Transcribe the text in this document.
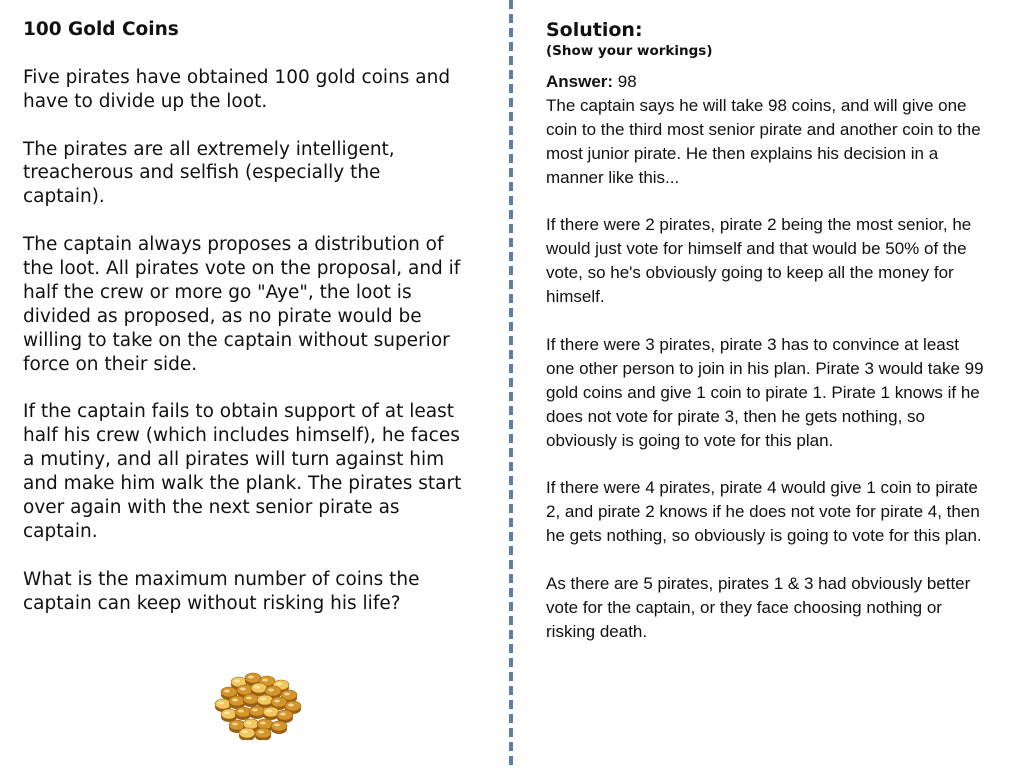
100 Gold Coins

Five pirates have obtained 100 gold coins and have to divide up the loot.

The pirates are all extremely intelligent, treacherous and selfish (especially the captain).

The captain always proposes a distribution of the loot. All pirates vote on the proposal, and if half the crew or more go "Aye", the loot is divided as proposed, as no pirate would be willing to take on the captain without superior force on their side.

If the captain fails to obtain support of at least half his crew (which includes himself), he faces a mutiny, and all pirates will turn against him and make him walk the plank. The pirates start over again with the next senior pirate as captain.

What is the maximum number of coins the captain can keep without risking his life?

Solution:
(Show your workings)
Answer: 98

The captain says he will take 98 coins, and will give one coin to the third most senior pirate and another coin to the most junior pirate. He then explains his decision in a manner like this...

If there were 2 pirates, pirate 2 being the most senior, he would just vote for himself and that would be 50% of the vote, so he's obviously going to keep all the money for himself.

If there were 3 pirates, pirate 3 has to convince at least one other person to join in his plan. Pirate 3 would take 99 gold coins and give 1 coin to pirate 1. Pirate 1 knows if he does not vote for pirate 3, then he gets nothing, so obviously is going to vote for this plan.

If there were 4 pirates, pirate 4 would give 1 coin to pirate 2, and pirate 2 knows if he does not vote for pirate 4, then he gets nothing, so obviously is going to vote for this plan.

As there are 5 pirates, pirates 1 & 3 had obviously better vote for the captain, or they face choosing nothing or risking death.
